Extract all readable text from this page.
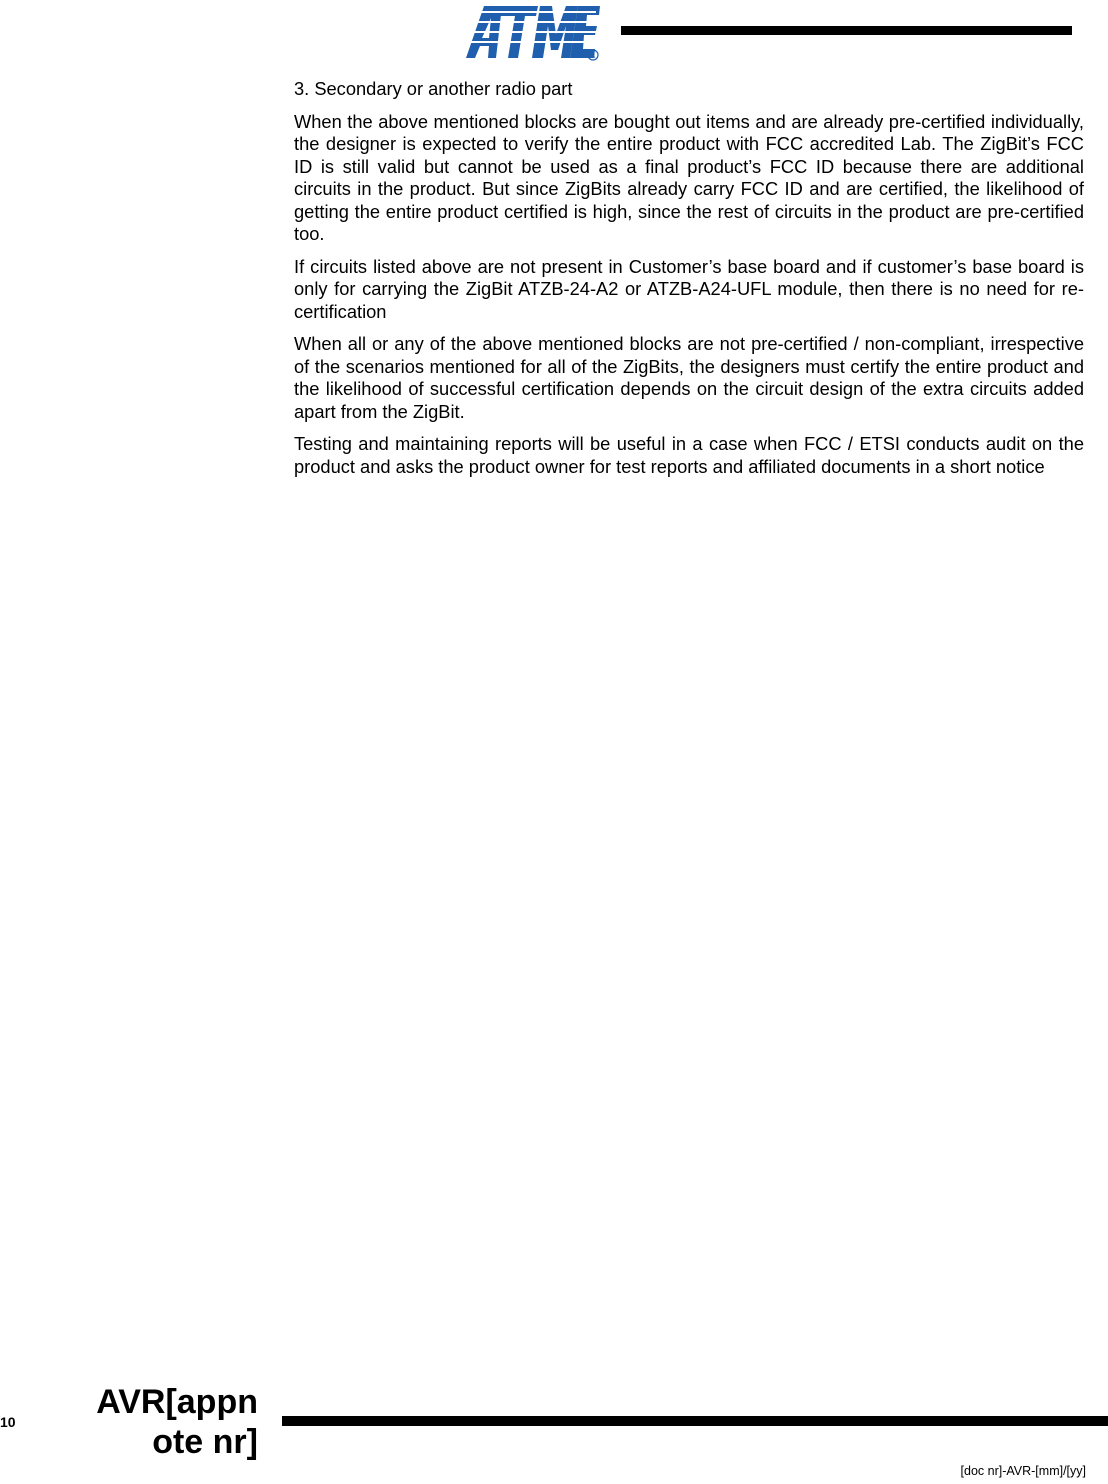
R

3. Secondary or another radio part

When the above mentioned blocks are bought out items and are already pre-certified individually, the designer is expected to verify the entire product with FCC accredited Lab. The ZigBit’s FCC ID is still valid but cannot be used as a final product’s FCC ID because there are additional circuits in the product. But since ZigBits already carry FCC ID and are certified, the likelihood of getting the entire product certified is high, since the rest of circuits in the product are pre-certified too.

If circuits listed above are not present in Customer’s base board and if customer’s base board is only for carrying the ZigBit ATZB-24-A2 or ATZB-A24-UFL module, then there is no need for re-certification

When all or any of the above mentioned blocks are not pre-certified / non-compliant, irrespective of the scenarios mentioned for all of the ZigBits, the designers must certify the entire product and the likelihood of successful certification depends on the circuit design of the extra circuits added apart from the ZigBit.

Testing and maintaining reports will be useful in a case when FCC / ETSI conducts audit on the product and asks the product owner for test reports and affiliated documents in a short notice

10
AVR[appn
ote nr]
[doc nr]-AVR-[mm]/[yy]
